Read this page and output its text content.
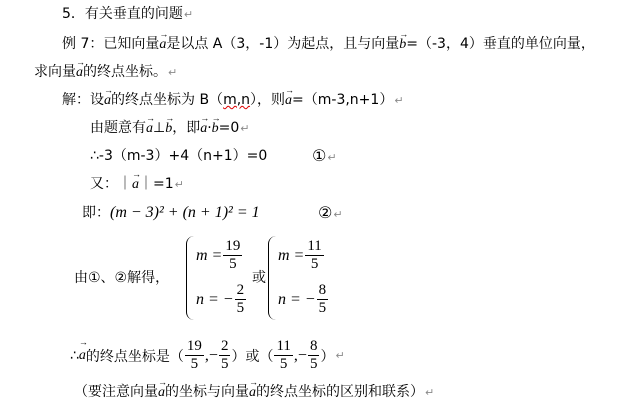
5．有关垂直的问题↵
例 7：已知向量→ a是以点 A（3，-1）为起点，且与向量→ b=（-3，4）垂直的单位向量，
求向量→ a的终点坐标。↵
解：设→ a的终点坐标为 B（m,n），则→ a=（m-3,n+1）↵
由题意有→ a⊥→ b，即→ a·→ b=0↵
∴-3（m-3）+4（n+1）=0	①↵
又：｜→ a｜=1↵
即：(m − 3)² + (n + 1)² = 1	②↵
由①、②解得，
$m = \frac{19}{5}$
n = − $\frac{2}{5}$
或
$m = \frac{11}{5}$
n = − $\frac{8}{5}$
∴
→ a 的终点坐标是（ $\frac{19}{5}$ ,− $\frac{2}{5}$ ）或（ $\frac{11}{5}$ ,− $\frac{8}{5}$ ） ↵
（要注意向量→ a的坐标与向量→ a的终点坐标的区别和联系）↵
